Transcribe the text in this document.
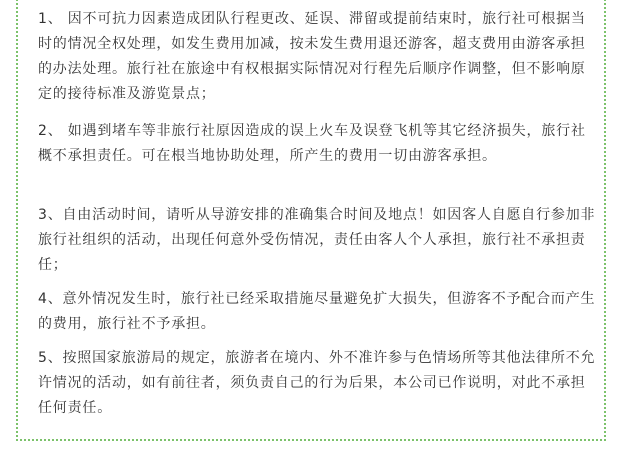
1、 因不可抗力因素造成团队行程更改、延误、滞留或提前结束时，旅行社可根据当时的情况全权处理，如发生费用加减，按未发生费用退还游客，超支费用由游客承担的办法处理。旅行社在旅途中有权根据实际情况对行程先后顺序作调整，但不影响原定的接待标准及游览景点；

2、 如遇到堵车等非旅行社原因造成的误上火车及误登飞机等其它经济损失，旅行社概不承担责任。可在根当地协助处理，所产生的费用一切由游客承担。

3、自由活动时间，请听从导游安排的准确集合时间及地点！如因客人自愿自行参加非旅行社组织的活动，出现任何意外受伤情况，责任由客人个人承担，旅行社不承担责任；

4、意外情况发生时，旅行社已经采取措施尽量避免扩大损失，但游客不予配合而产生的费用，旅行社不予承担。

5、按照国家旅游局的规定，旅游者在境内、外不准许参与色情场所等其他法律所不允许情况的活动，如有前往者，须负责自己的行为后果，本公司已作说明，对此不承担任何责任。
